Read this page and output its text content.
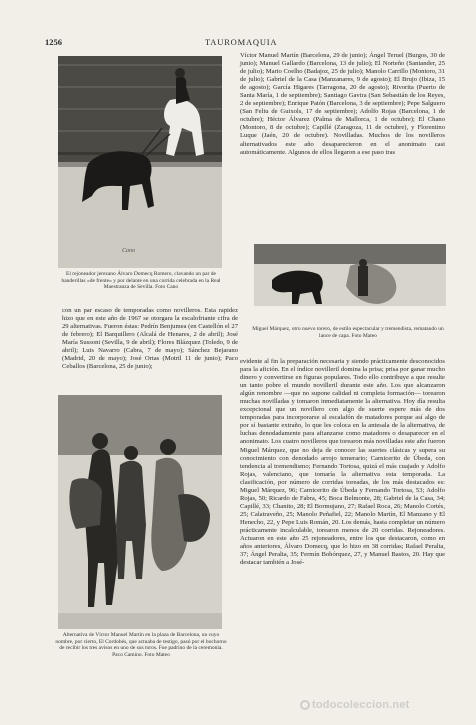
1256	TAUROMAQUIA

Víctor Manuel Martín (Barcelona, 29 de junio); Ángel Teruel (Burgos, 30 de junio); Manuel Gallardo (Barcelona, 13 de julio); El Norteño (Santander, 25 de julio); Mario Coelho (Badajoz, 25 de julio); Manolo Carrillo (Montoro, 31 de julio); Gabriel de la Casa (Manzanares, 9 de agosto); El Brujo (Ibiza, 15 de agosto); García Higares (Tarragona, 20 de agosto); Rivorita (Puerto de Santa María, 1 de septiembre); Santiago Gavira (San Sebastián de los Reyes, 2 de septiembre); Enrique Patón (Barcelona, 3 de septiembre); Pepe Salguero (San Feliu de Guixols, 17 de septiembre); Adolfo Rojas (Barcelona, 1 de octubre); Héctor Álvarez (Palma de Mallorca, 1 de octubre); El Chano (Montoro, 8 de octubre); Capillé (Zaragoza, 11 de octubre), y Florentino Luque (Jaén, 20 de octubre). Novilladas. Muchos de los novilleros alternativados este año desaparecieron en el anonimato casi automáticamente. Algunos de ellos llegaron a ese paso tras

Cano
El rejoneador jerezano Álvaro Domecq Romero, clavando un par de banderillas «de frente» y por delante en una corrida celebrada en la Real Maestranza de Sevilla. Foto Cano
Miguel Márquez, otro nuevo torero, de estilo espectacular y tremendista, rematando un lance de capa. Foto Mateo

con un par escaso de temporadas como novilleros. Esta rapidez hizo que en este año de 1967 se otorgara la escalofriante cifra de 29 alternativas. Fueron éstas: Pedrín Benjumea (en Castellón el 27 de febrero); El Barquillero (Alcalá de Henares, 2 de abril); José María Sussoni (Sevilla, 9 de abril); Flores Blázquez (Toledo, 9 de abril); Luis Navarro (Cabra, 7 de mayo); Sánchez Bejarano (Madrid, 20 de mayo); José Ortas (Motril 11 de junio); Paco Ceballos (Barcelona, 25 de junio);

Alternativa de Víctor Manuel Martín en la plaza de Barcelona, un cuyo nombre, por cierto, El Cordobés, que actuaba de testigo, pasó por el bochorno de recibir los tres avisos en uno de sus toros. Fue padrino de la ceremonia. Paco Camino. Foto Mateo

evidente al fin la preparación necesaria y siendo prácticamente desconocidos para la afición. En el índice novilleril domina la prisa; prisa por ganar mucho dinero y convertirse en figuras populares. Todo ello contribuye a que resulte un tanto pobre el mundo novilleril durante este año. Los que alcanzaron algún renombre —que no supone calidad ni completa formación— torearon muchas novilladas y tomaron inmediatamente la alternativa. Hoy día resulta excepcional que un novillero con algo de suerte espere más de dos temporadas para incorporarse al escalafón de matadores porque así algo de por sí bastante extraño, lo que les coloca en la antesala de la alternativa, de luchas denodadamente para afianzarse como matadores o desaparecer en el anonimato. Los cuatro novilleros que torearon más novilladas este año fueron Miguel Márquez, que no deja de conocer las suertes clásicas y supera su conocimiento con denodado arrojo temerario; Carnicerito de Úbeda, con tendencia al tremendismo; Fernando Tortosa, quizá el más cuajado y Adolfo Rojas, valenciano, que tomaría la alternativa esta temporada. La clasificación, por número de corridas toreadas, de los más destacados es: Miguel Márquez, 96; Carnicerito de Úbeda y Fernando Tortosa, 53; Adolfo Rojas, 50; Ricardo de Fabra, 45; Boca Belmonte, 28; Gabriel de la Casa, 34; Capillé, 33; Chanito, 28; El Bormujano, 27; Rafael Roca, 26; Manolo Cortés, 25; Calatraveño, 25; Manolo Peñafiel, 22; Manolo Martín, El Manzano y El Henecho, 22, y Pepe Luis Román, 20. Los demás, hasta completar un número prácticamente incalculable, torearon menos de 20 corridas. Rejoneadores. Actuaron en este año 25 rejoneadores, entre los que destacaron, como en años anteriores, Álvaro Domecq, que lo hizo en 38 corridas; Rafael Peralta, 37; Ángel Peralta, 35; Fermín Bohórquez, 27, y Manuel Bastos, 20. Hay que destacar también a José-

todocoleccion.net
